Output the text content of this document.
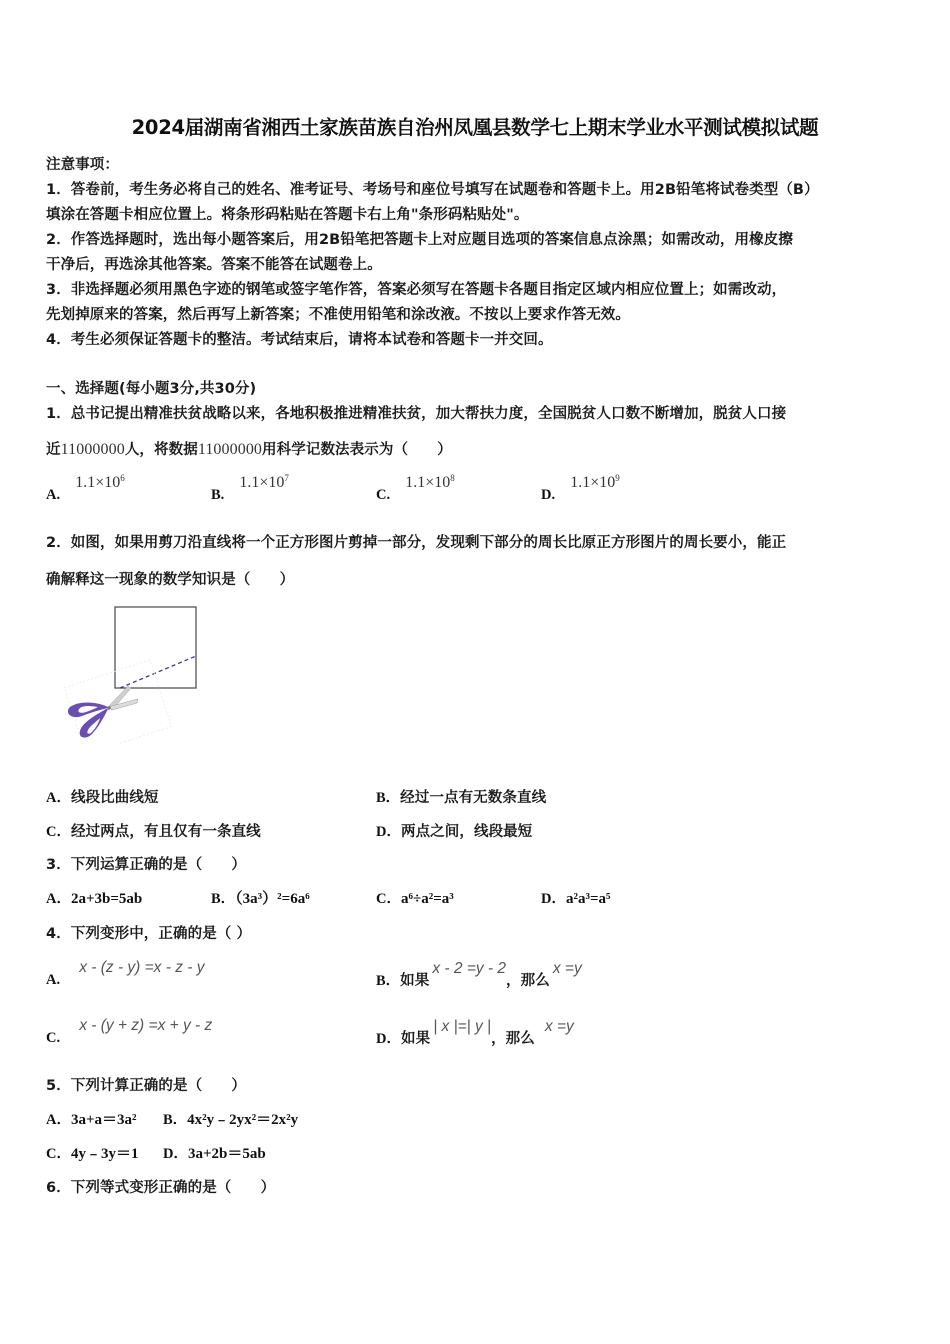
2024届湖南省湘西土家族苗族自治州凤凰县数学七上期末学业水平测试模拟试题
注意事项：
1．答卷前，考生务必将自己的姓名、准考证号、考场号和座位号填写在试题卷和答题卡上。用2B铅笔将试卷类型（B）
填涂在答题卡相应位置上。将条形码粘贴在答题卡右上角"条形码粘贴处"。
2．作答选择题时，选出每小题答案后，用2B铅笔把答题卡上对应题目选项的答案信息点涂黑；如需改动，用橡皮擦
干净后，再选涂其他答案。答案不能答在试题卷上。
3．非选择题必须用黑色字迹的钢笔或签字笔作答，答案必须写在答题卡各题目指定区域内相应位置上；如需改动，
先划掉原来的答案，然后再写上新答案；不准使用铅笔和涂改液。不按以上要求作答无效。
4．考生必须保证答题卡的整洁。考试结束后，请将本试卷和答题卡一并交回。
一、选择题(每小题3分,共30分)
1．总书记提出精准扶贫战略以来，各地积极推进精准扶贫，加大帮扶力度，全国脱贫人口数不断增加，脱贫人口接
近11000000人，将数据11000000用科学记数法表示为（　　）
A. $1.1\times 10^6$
B. $1.1\times 10^7$
C. $1.1\times 10^8$
D. $1.1\times 10^9$
2．如图，如果用剪刀沿直线将一个正方形图片剪掉一部分，发现剩下部分的周长比原正方形图片的周长要小，能正
确解释这一现象的数学知识是（　　）
A．线段比曲线短	B．经过一点有无数条直线
C．经过两点，有且仅有一条直线	D．两点之间，线段最短
3．下列运算正确的是（　　）
A．2a+3b=5ab	B．（3a³）²=6a⁶	C．a⁶÷a²=a³	D．a²a³=a⁵
4．下列变形中，正确的是（ ）
A. x - (z - y) =x - z - y
B．如果x - 2 =y - 2，那么x =y
C. x - (y + z) =x + y - z
D．如果| x |=| y |，那么x =y
5．下列计算正确的是（　　）
A．3a+a＝3a² B．4x²y﹣2yx²＝2x²y
C．4y﹣3y＝1 D．3a+2b＝5ab
6．下列等式变形正确的是（　　）
